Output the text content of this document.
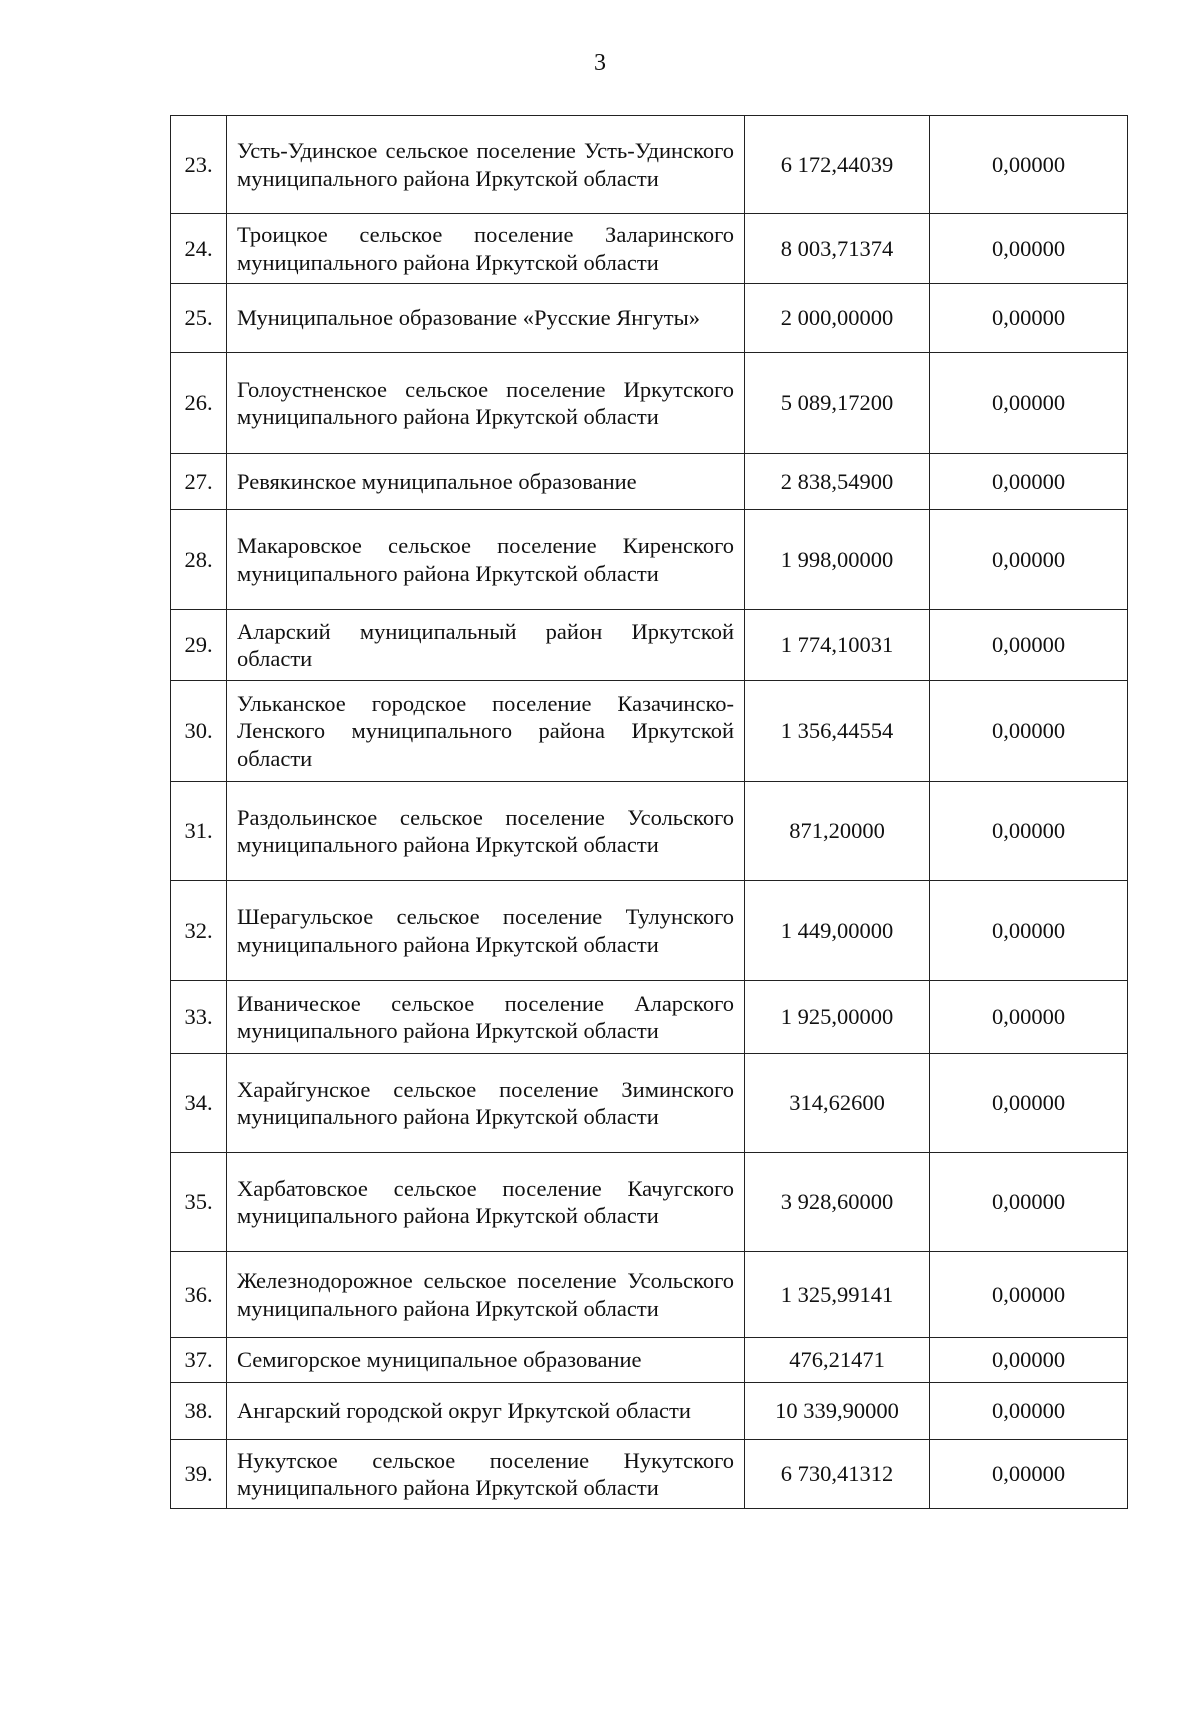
3
23.	Усть-Удинское сельское поселение Усть-Удинского муниципального района Иркутской области	6 172,44039	0,00000
24.	Троицкое сельское поселение Заларинского муниципального района Иркутской области	8 003,71374	0,00000
25.	Муниципальное образование «Русские Янгуты»	2 000,00000	0,00000
26.	Голоустненское сельское поселение Иркутского муниципального района Иркутской области	5 089,17200	0,00000
27.	Ревякинское муниципальное образование	2 838,54900	0,00000
28.	Макаровское сельское поселение Киренского муниципального района Иркутской области	1 998,00000	0,00000
29.	Аларский муниципальный район Иркутской области	1 774,10031	0,00000
30.	Ульканское городское поселение Казачинско-Ленского муниципального района Иркутской области	1 356,44554	0,00000
31.	Раздольинское сельское поселение Усольского муниципального района Иркутской области	871,20000	0,00000
32.	Шерагульское сельское поселение Тулунского муниципального района Иркутской области	1 449,00000	0,00000
33.	Иваническое сельское поселение Аларского муниципального района Иркутской области	1 925,00000	0,00000
34.	Харайгунское сельское поселение Зиминского муниципального района Иркутской области	314,62600	0,00000
35.	Харбатовское сельское поселение Качугского муниципального района Иркутской области	3 928,60000	0,00000
36.	Железнодорожное сельское поселение Усольского муниципального района Иркутской области	1 325,99141	0,00000
37.	Семигорское муниципальное образование	476,21471	0,00000
38.	Ангарский городской округ Иркутской области	10 339,90000	0,00000
39.	Нукутское сельское поселение Нукутского муниципального района Иркутской области	6 730,41312	0,00000
